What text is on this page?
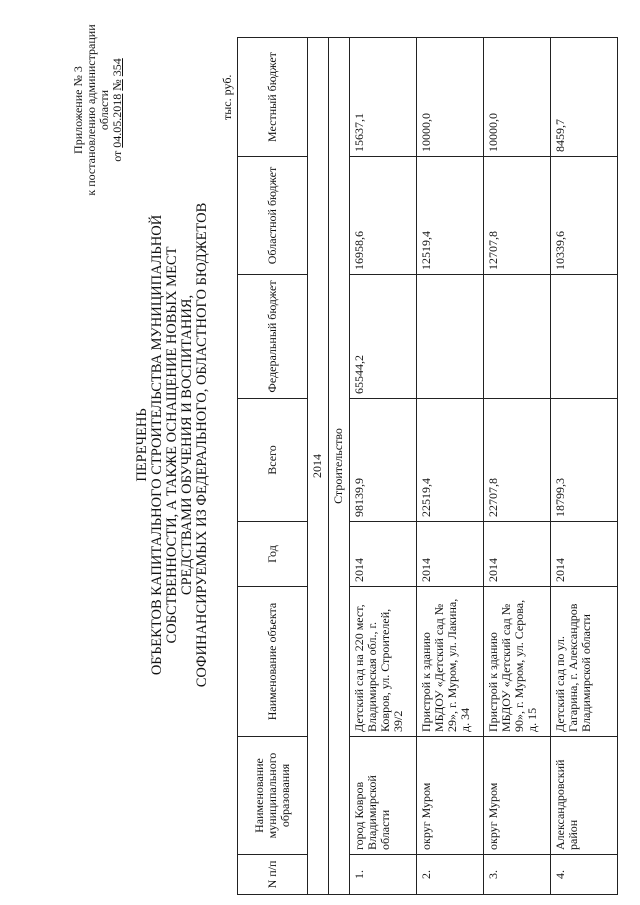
Приложение № 3 к постановлению администрации области
от 04.05.2018 № 354
ПЕРЕЧЕНЬ ОБЪЕКТОВ КАПИТАЛЬНОГО СТРОИТЕЛЬСТВА МУНИЦИПАЛЬНОЙ СОБСТВЕННОСТИ, А ТАКЖЕ ОСНАЩЕНИЕ НОВЫХ МЕСТ СРЕДСТВАМИ ОБУЧЕНИЯ И ВОСПИТАНИЯ, СОФИНАНСИРУЕМЫХ ИЗ ФЕДЕРАЛЬНОГО, ОБЛАСТНОГО БЮДЖЕТОВ
тыс. руб.
N п/п	Наименование муниципального образования	Наименование объекта	Год	Всего	Федеральный бюджет	Областной бюджет	Местный бюджет
2014							
Строительство							
1.	город Ковров Владимирской области	Детский сад на 220 мест, Владимирская обл., г. Ковров, ул. Строителей, 39/2	2014	98139,9	65544,2	16958,6	15637,1
2.	округ Муром	Пристрой к зданию МБДОУ «Детский сад № 29», г. Муром, ул. Лакина, д. 34	2014	22519,4		12519,4	10000,0
3.	округ Муром	Пристрой к зданию МБДОУ «Детский сад № 90», г. Муром, ул. Серова, д. 15	2014	22707,8		12707,8	10000,0
4.	Александровский район	Детский сад по ул. Гагарина, г. Александров Владимирской области	2014	18799,3		10339,6	8459,7
